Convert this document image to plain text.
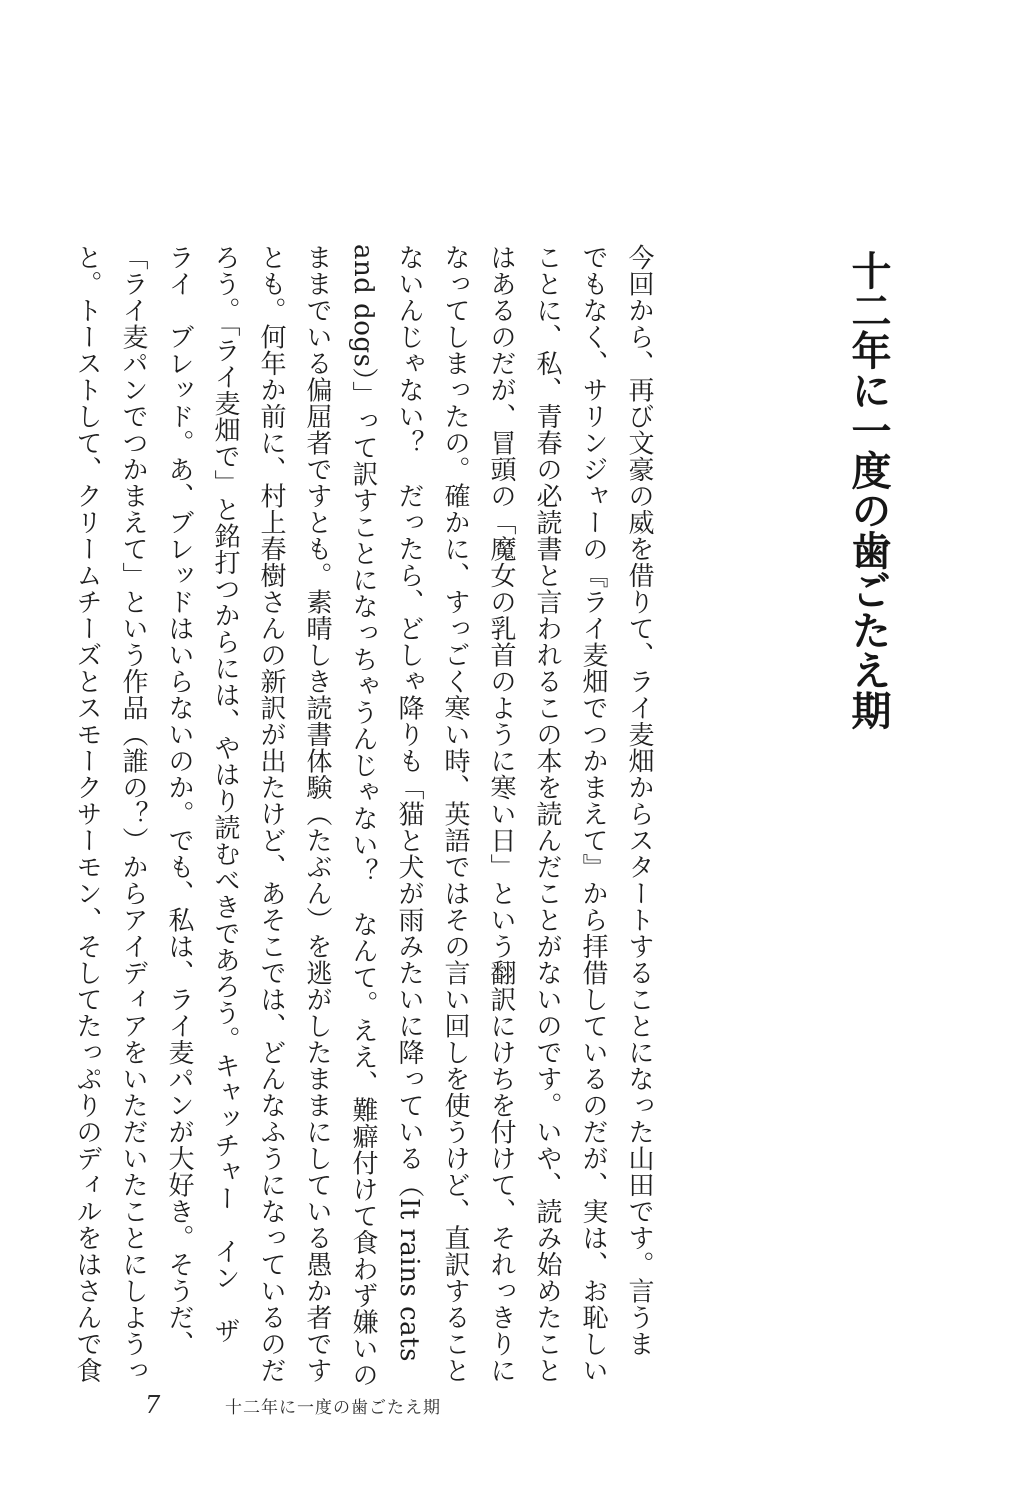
十二年に一度の歯ごたえ期
今回から、再び文豪の威を借りて、ライ麦畑からスタートすることになった山田です。言うま
でもなく、サリンジャーの『ライ麦畑でつかまえて』から拝借しているのだが、実は、お恥しい
ことに、私、青春の必読書と言われるこの本を読んだことがないのです。いや、読み始めたこと
はあるのだが、冒頭の「魔女の乳首のように寒い日」という翻訳にけちを付けて、それっきりに
なってしまったの。確かに、すっごく寒い時、英語ではその言い回しを使うけど、直訳すること
ないんじゃない？　だったら、どしゃ降りも「猫と犬が雨みたいに降っている（It rains cats
and dogs）」って訳すことになっちゃうんじゃない？　なんて。ええ、難癖付けて食わず嫌いの
ままでいる偏屈者ですとも。素晴しき読書体験（たぶん）を逃がしたままにしている愚か者です
とも。何年か前に、村上春樹さんの新訳が出たけど、あそこでは、どんなふうになっているのだ
ろう。「ライ麦畑で」と銘打つからには、やはり読むべきであろう。キャッチャー　イン　ザ
ライ　ブレッド。あ、ブレッドはいらないのか。でも、私は、ライ麦パンが大好き。そうだ、
「ライ麦パンでつかまえて」という作品（誰の？）からアイディアをいただいたことにしようっ
と。トーストして、クリームチーズとスモークサーモン、そしてたっぷりのディルをはさんで食
7	十二年に一度の歯ごたえ期
